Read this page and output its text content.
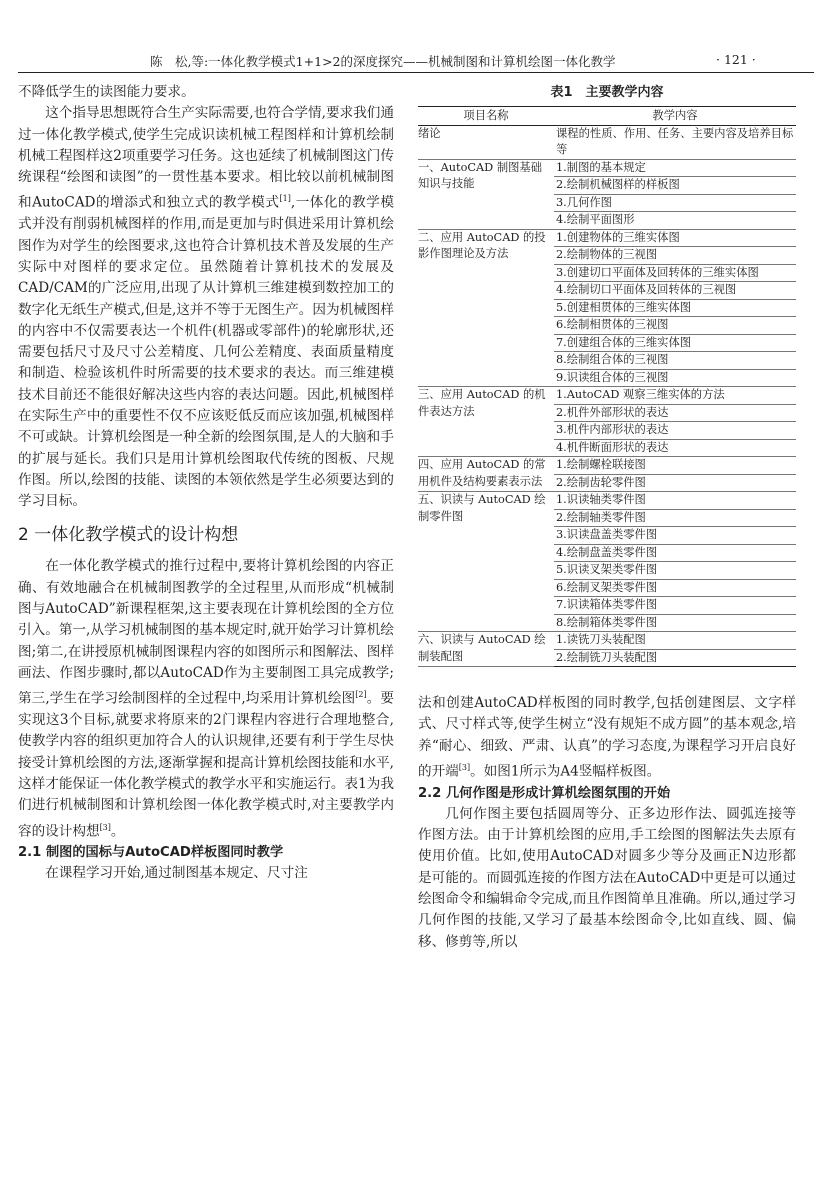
陈　松,等:一体化教学模式1+1>2的深度探究——机械制图和计算机绘图一体化教学	· 121 ·

不降低学生的读图能力要求。

这个指导思想既符合生产实际需要,也符合学情,要求我们通过一体化教学模式,使学生完成识读机械工程图样和计算机绘制机械工程图样这2项重要学习任务。这也延续了机械制图这门传统课程“绘图和读图”的一贯性基本要求。相比较以前机械制图和AutoCAD的增添式和独立式的教学模式[1],一体化的教学模式并没有削弱机械图样的作用,而是更加与时俱进采用计算机绘图作为对学生的绘图要求,这也符合计算机技术普及发展的生产实际中对图样的要求定位。虽然随着计算机技术的发展及CAD/CAM的广泛应用,出现了从计算机三维建模到数控加工的数字化无纸生产模式,但是,这并不等于无图生产。因为机械图样的内容中不仅需要表达一个机件(机器或零部件)的轮廓形状,还需要包括尺寸及尺寸公差精度、几何公差精度、表面质量精度和制造、检验该机件时所需要的技术要求的表达。而三维建模技术目前还不能很好解决这些内容的表达问题。因此,机械图样在实际生产中的重要性不仅不应该贬低反而应该加强,机械图样不可或缺。计算机绘图是一种全新的绘图氛围,是人的大脑和手的扩展与延长。我们只是用计算机绘图取代传统的图板、尺规作图。所以,绘图的技能、读图的本领依然是学生必须要达到的学习目标。

2 一体化教学模式的设计构想

在一体化教学模式的推行过程中,要将计算机绘图的内容正确、有效地融合在机械制图教学的全过程里,从而形成“机械制图与AutoCAD”新课程框架,这主要表现在计算机绘图的全方位引入。第一,从学习机械制图的基本规定时,就开始学习计算机绘图;第二,在讲授原机械制图课程内容的如图所示和图解法、图样画法、作图步骤时,都以AutoCAD作为主要制图工具完成教学;第三,学生在学习绘制图样的全过程中,均采用计算机绘图[2]。要实现这3个目标,就要求将原来的2门课程内容进行合理地整合,使教学内容的组织更加符合人的认识规律,还要有利于学生尽快接受计算机绘图的方法,逐渐掌握和提高计算机绘图技能和水平,这样才能保证一体化教学模式的教学水平和实施运行。表1为我们进行机械制图和计算机绘图一体化教学模式时,对主要教学内容的设计构想[3]。

2.1 制图的国标与AutoCAD样板图同时教学

在课程学习开始,通过制图基本规定、尺寸注

表1　主要教学内容
项目名称	教学内容
绪论	课程的性质、作用、任务、主要内容及培养目标等
一、AutoCAD 制图基础知识与技能	1.制图的基本规定
	2.绘制机械图样的样板图
	3.几何作图
	4.绘制平面图形
二、应用 AutoCAD 的投影作图理论及方法	1.创建物体的三维实体图
	2.绘制物体的三视图
	3.创建切口平面体及回转体的三维实体图
	4.绘制切口平面体及回转体的三视图
	5.创建相贯体的三维实体图
	6.绘制相贯体的三视图
	7.创建组合体的三维实体图
	8.绘制组合体的三视图
	9.识读组合体的三视图
三、应用 AutoCAD 的机件表达方法	1.AutoCAD 观察三维实体的方法
	2.机件外部形状的表达
	3.机件内部形状的表达
	4.机件断面形状的表达
四、应用 AutoCAD 的常用机件及结构要素表示法	1.绘制螺栓联接图
	2.绘制齿轮零件图
五、识读与 AutoCAD 绘制零件图	1.识读轴类零件图
	2.绘制轴类零件图
	3.识读盘盖类零件图
	4.绘制盘盖类零件图
	5.识读叉架类零件图
	6.绘制叉架类零件图
	7.识读箱体类零件图
	8.绘制箱体类零件图
六、识读与 AutoCAD 绘制装配图	1.读铣刀头装配图
	2.绘制铣刀头装配图

法和创建AutoCAD样板图的同时教学,包括创建图层、文字样式、尺寸样式等,使学生树立“没有规矩不成方圆”的基本观念,培养“耐心、细致、严肃、认真”的学习态度,为课程学习开启良好的开端[3]。如图1所示为A4竖幅样板图。

2.2 几何作图是形成计算机绘图氛围的开始

几何作图主要包括圆周等分、正多边形作法、圆弧连接等作图方法。由于计算机绘图的应用,手工绘图的图解法失去原有使用价值。比如,使用AutoCAD对圆多少等分及画正N边形都是可能的。而圆弧连接的作图方法在AutoCAD中更是可以通过绘图命令和编辑命令完成,而且作图简单且准确。所以,通过学习几何作图的技能,又学习了最基本绘图命令,比如直线、圆、偏移、修剪等,所以
